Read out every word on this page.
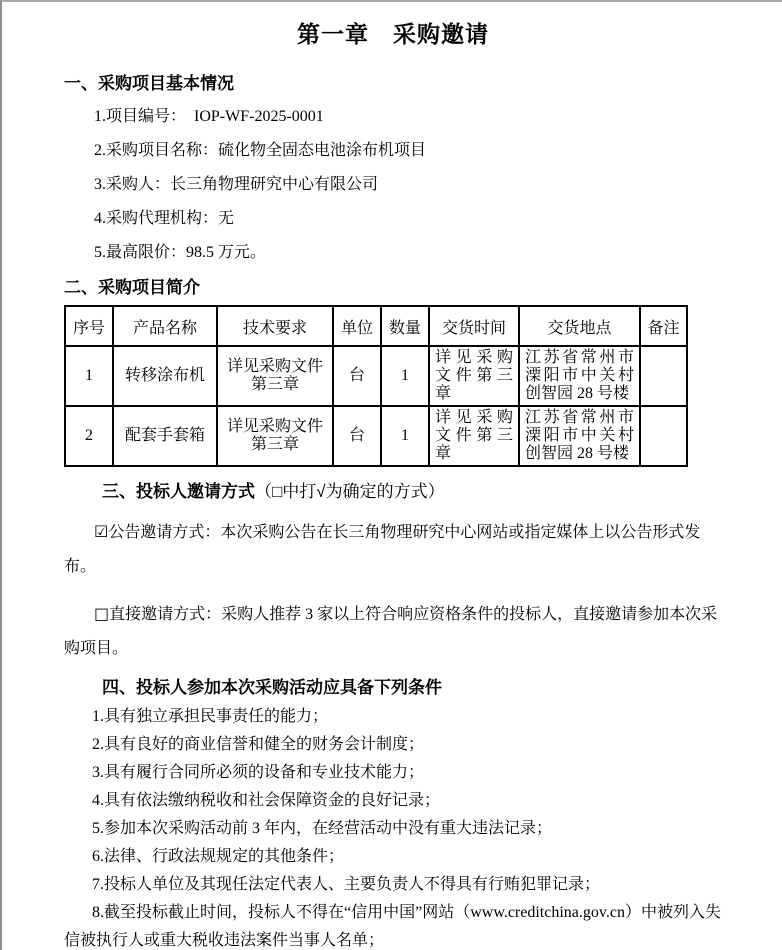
第一章　采购邀请
一、采购项目基本情况
1.项目编号：  IOP-WF-2025-0001
2.采购项目名称：硫化物全固态电池涂布机项目
3.采购人：长三角物理研究中心有限公司
4.采购代理机构：无
5.最高限价：98.5 万元。
二、采购项目简介
序号	产品名称	技术要求	单位	数量	交货时间	交货地点	备注
1	转移涂布机	详见采购文件第三章	台	1	详见采购文件第三章	江苏省常州市溧阳市中关村创智园 28 号楼	
2	配套手套箱	详见采购文件第三章	台	1	详见采购文件第三章	江苏省常州市溧阳市中关村创智园 28 号楼	
三、投标人邀请方式（□中打√为确定的方式）

☑公告邀请方式：本次采购公告在长三角物理研究中心网站或指定媒体上以公告形式发布。

□直接邀请方式：采购人推荐 3 家以上符合响应资格条件的投标人，直接邀请参加本次采购项目。

四、投标人参加本次采购活动应具备下列条件
1.具有独立承担民事责任的能力；
2.具有良好的商业信誉和健全的财务会计制度；
3.具有履行合同所必须的设备和专业技术能力；
4.具有依法缴纳税收和社会保障资金的良好记录；
5.参加本次采购活动前 3 年内，在经营活动中没有重大违法记录；
6.法律、行政法规规定的其他条件；
7.投标人单位及其现任法定代表人、主要负责人不得具有行贿犯罪记录；
8.截至投标截止时间，投标人不得在“信用中国”网站（www.creditchina.gov.cn）中被列入失信被执行人或重大税收违法案件当事人名单；
